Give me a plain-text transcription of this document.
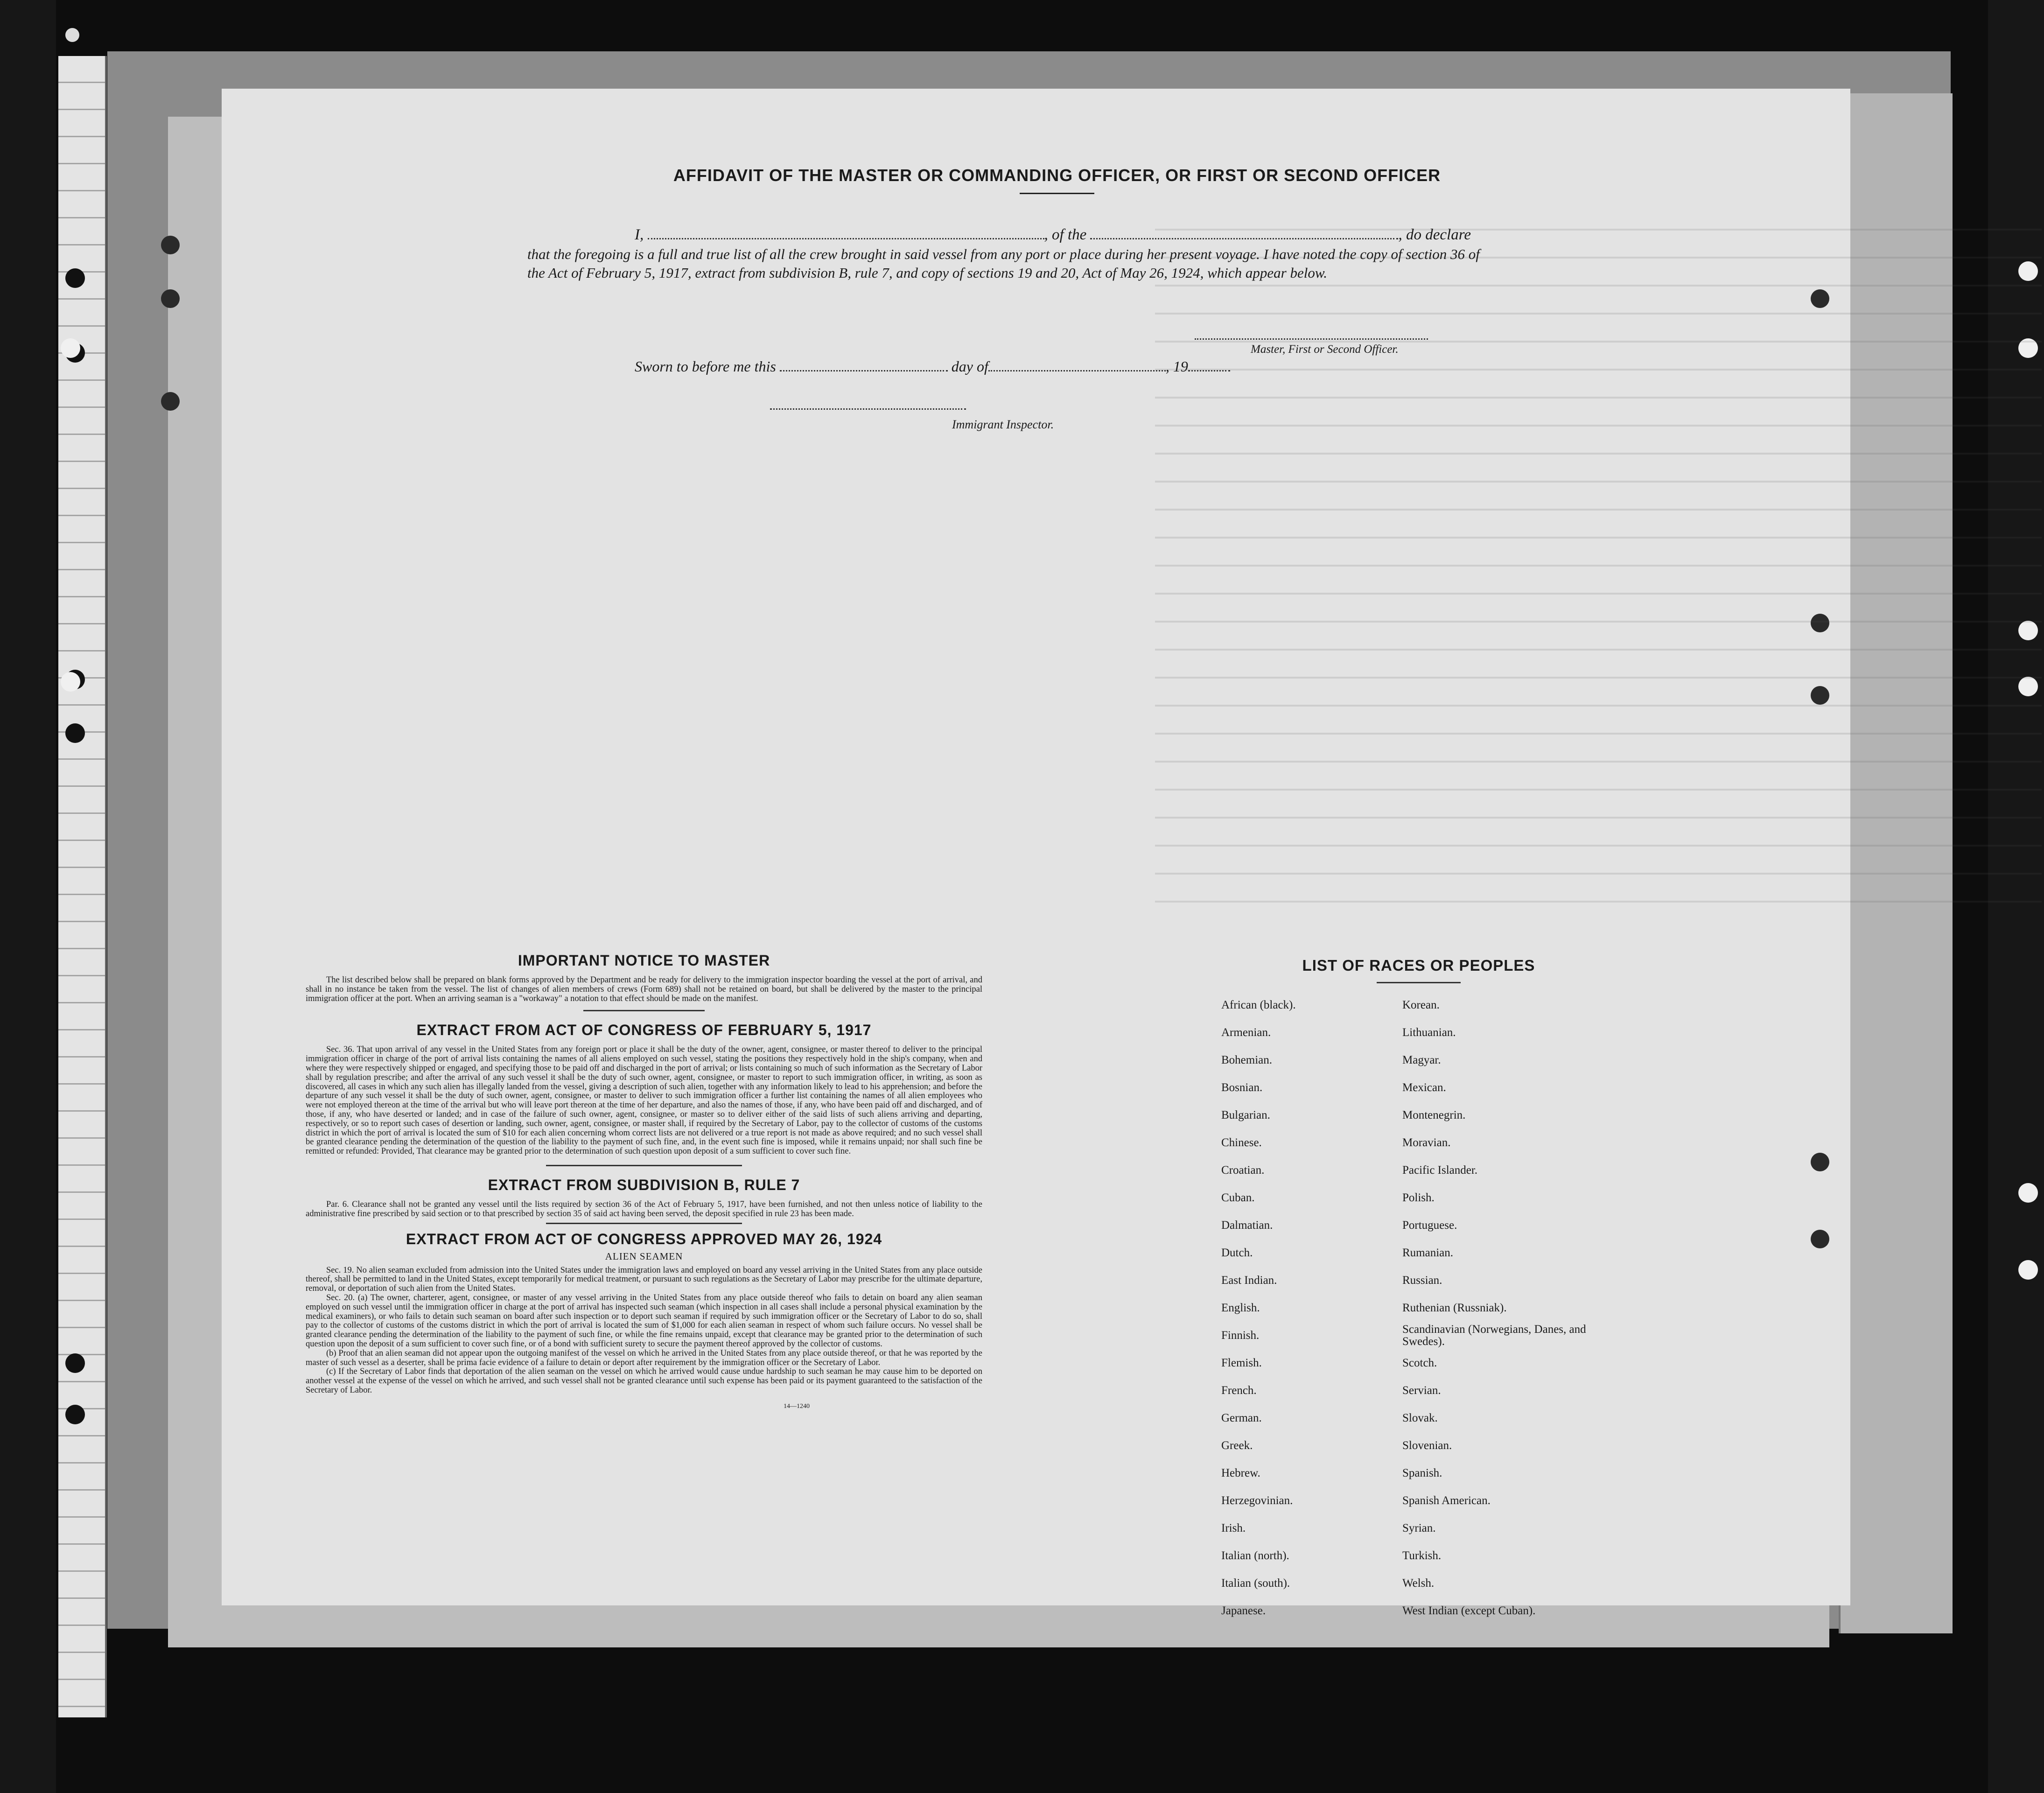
AFFIDAVIT OF THE MASTER OR COMMANDING OFFICER, OR FIRST OR SECOND OFFICER

I,	, of the	, do declare

that the foregoing is a full and true list of all the crew brought in said vessel from any port or place during her present voyage. I have noted the copy of section 36 of the Act of February 5, 1917, extract from subdivision B, rule 7, and copy of sections 19 and 20, Act of May 26, 1924, which appear below.

Master, First or Second Officer.
Sworn to before me this	day of	, 19
Immigrant Inspector.

IMPORTANT NOTICE TO MASTER

The list described below shall be prepared on blank forms approved by the Department and be ready for delivery to the immigration inspector boarding the vessel at the port of arrival, and shall in no instance be taken from the vessel. The list of changes of alien members of crews (Form 689) shall not be retained on board, but shall be delivered by the master to the principal immigration officer at the port. When an arriving seaman is a "workaway" a notation to that effect should be made on the manifest.

EXTRACT FROM ACT OF CONGRESS OF FEBRUARY 5, 1917

Sec. 36. That upon arrival of any vessel in the United States from any foreign port or place it shall be the duty of the owner, agent, consignee, or master thereof to deliver to the principal immigration officer in charge of the port of arrival lists containing the names of all aliens employed on such vessel, stating the positions they respectively hold in the ship's company, when and where they were respectively shipped or engaged, and specifying those to be paid off and discharged in the port of arrival; or lists containing so much of such information as the Secretary of Labor shall by regulation prescribe; and after the arrival of any such vessel it shall be the duty of such owner, agent, consignee, or master to report to such immigration officer, in writing, as soon as discovered, all cases in which any such alien has illegally landed from the vessel, giving a description of such alien, together with any information likely to lead to his apprehension; and before the departure of any such vessel it shall be the duty of such owner, agent, consignee, or master to deliver to such immigration officer a further list containing the names of all alien employees who were not employed thereon at the time of the arrival but who will leave port thereon at the time of her departure, and also the names of those, if any, who have been paid off and discharged, and of those, if any, who have deserted or landed; and in case of the failure of such owner, agent, consignee, or master so to deliver either of the said lists of such aliens arriving and departing, respectively, or so to report such cases of desertion or landing, such owner, agent, consignee, or master shall, if required by the Secretary of Labor, pay to the collector of customs of the customs district in which the port of arrival is located the sum of $10 for each alien concerning whom correct lists are not delivered or a true report is not made as above required; and no such vessel shall be granted clearance pending the determination of the question of the liability to the payment of such fine, and, in the event such fine is imposed, while it remains unpaid; nor shall such fine be remitted or refunded: Provided, That clearance may be granted prior to the determination of such question upon deposit of a sum sufficient to cover such fine.

EXTRACT FROM SUBDIVISION B, RULE 7

Par. 6. Clearance shall not be granted any vessel until the lists required by section 36 of the Act of February 5, 1917, have been furnished, and not then unless notice of liability to the administrative fine prescribed by said section or to that prescribed by section 35 of said act having been served, the deposit specified in rule 23 has been made.

EXTRACT FROM ACT OF CONGRESS APPROVED MAY 26, 1924

ALIEN SEAMEN

Sec. 19. No alien seaman excluded from admission into the United States under the immigration laws and employed on board any vessel arriving in the United States from any place outside thereof, shall be permitted to land in the United States, except temporarily for medical treatment, or pursuant to such regulations as the Secretary of Labor may prescribe for the ultimate departure, removal, or deportation of such alien from the United States.

Sec. 20. (a) The owner, charterer, agent, consignee, or master of any vessel arriving in the United States from any place outside thereof who fails to detain on board any alien seaman employed on such vessel until the immigration officer in charge at the port of arrival has inspected such seaman (which inspection in all cases shall include a personal physical examination by the medical examiners), or who fails to detain such seaman on board after such inspection or to deport such seaman if required by such immigration officer or the Secretary of Labor to do so, shall pay to the collector of customs of the customs district in which the port of arrival is located the sum of $1,000 for each alien seaman in respect of whom such failure occurs. No vessel shall be granted clearance pending the determination of the liability to the payment of such fine, or while the fine remains unpaid, except that clearance may be granted prior to the determination of such question upon the deposit of a sum sufficient to cover such fine, or of a bond with sufficient surety to secure the payment thereof approved by the collector of customs.

(b) Proof that an alien seaman did not appear upon the outgoing manifest of the vessel on which he arrived in the United States from any place outside thereof, or that he was reported by the master of such vessel as a deserter, shall be prima facie evidence of a failure to detain or deport after requirement by the immigration officer or the Secretary of Labor.

(c) If the Secretary of Labor finds that deportation of the alien seaman on the vessel on which he arrived would cause undue hardship to such seaman he may cause him to be deported on another vessel at the expense of the vessel on which he arrived, and such vessel shall not be granted clearance until such expense has been paid or its payment guaranteed to the satisfaction of the Secretary of Labor.

14—1240

LIST OF RACES OR PEOPLES

African (black).
Armenian.
Bohemian.
Bosnian.
Bulgarian.
Chinese.
Croatian.
Cuban.
Dalmatian.
Dutch.
East Indian.
English.
Finnish.
Flemish.
French.
German.
Greek.
Hebrew.
Herzegovinian.
Irish.
Italian (north).
Italian (south).
Japanese.
Korean.
Lithuanian.
Magyar.
Mexican.
Montenegrin.
Moravian.
Pacific Islander.
Polish.
Portuguese.
Rumanian.
Russian.
Ruthenian (Russniak).
Scandinavian (Norwegians, Danes, and Swedes).
Scotch.
Servian.
Slovak.
Slovenian.
Spanish.
Spanish American.
Syrian.
Turkish.
Welsh.
West Indian (except Cuban).
